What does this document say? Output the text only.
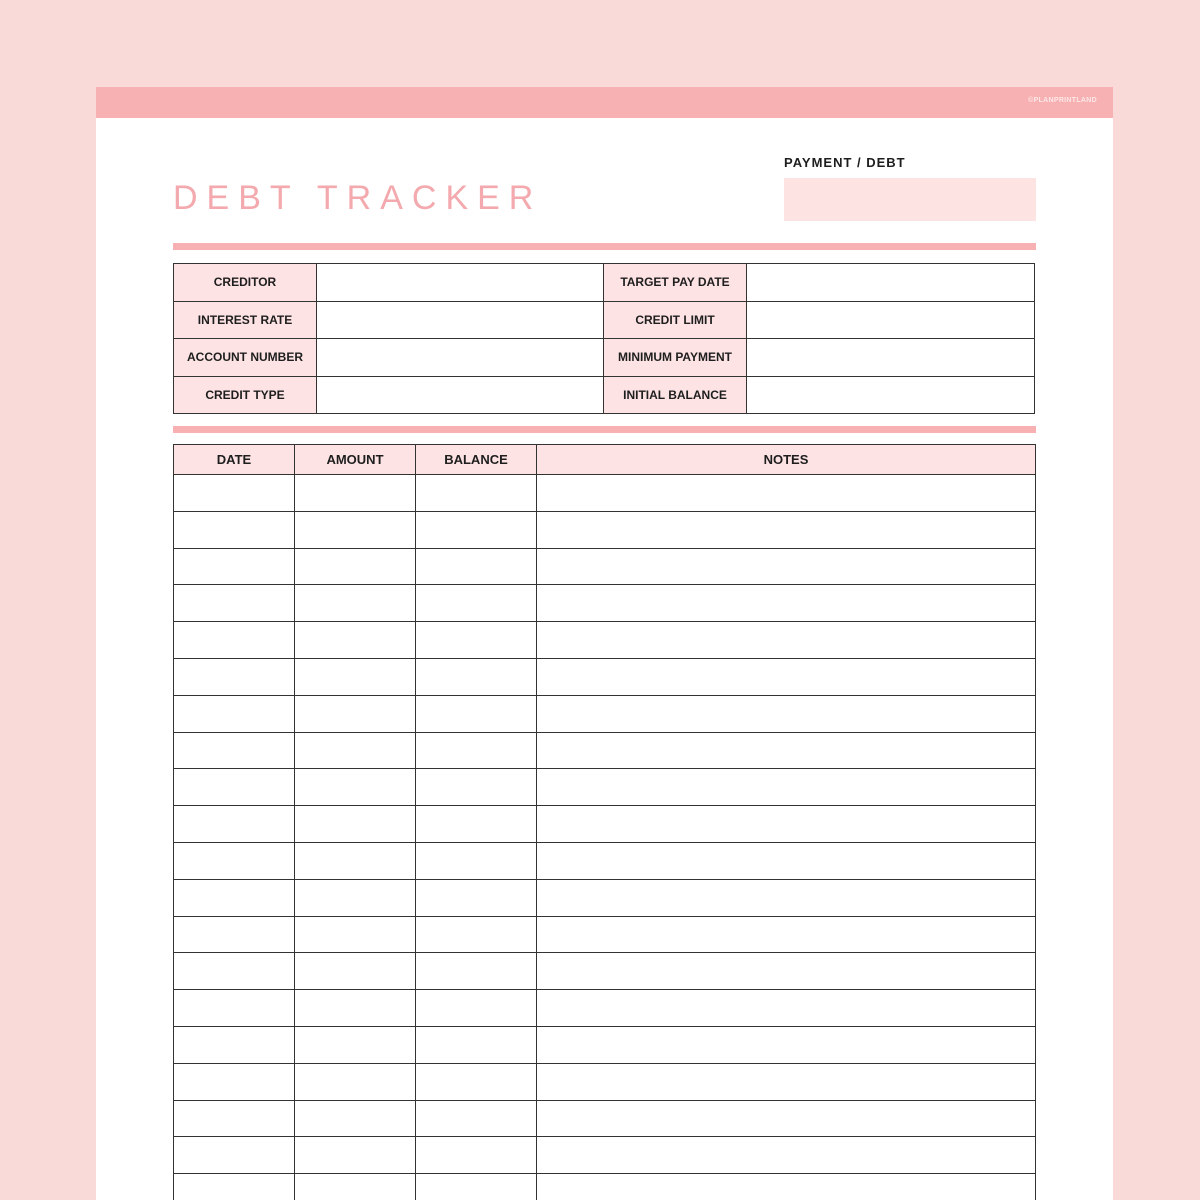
©PLANPRINTLAND
DEBT TRACKER
PAYMENT / DEBT
CREDITOR		TARGET PAY DATE	
INTEREST RATE		CREDIT LIMIT	
ACCOUNT NUMBER		MINIMUM PAYMENT	
CREDIT TYPE		INITIAL BALANCE	
DATE	AMOUNT	BALANCE	NOTES
